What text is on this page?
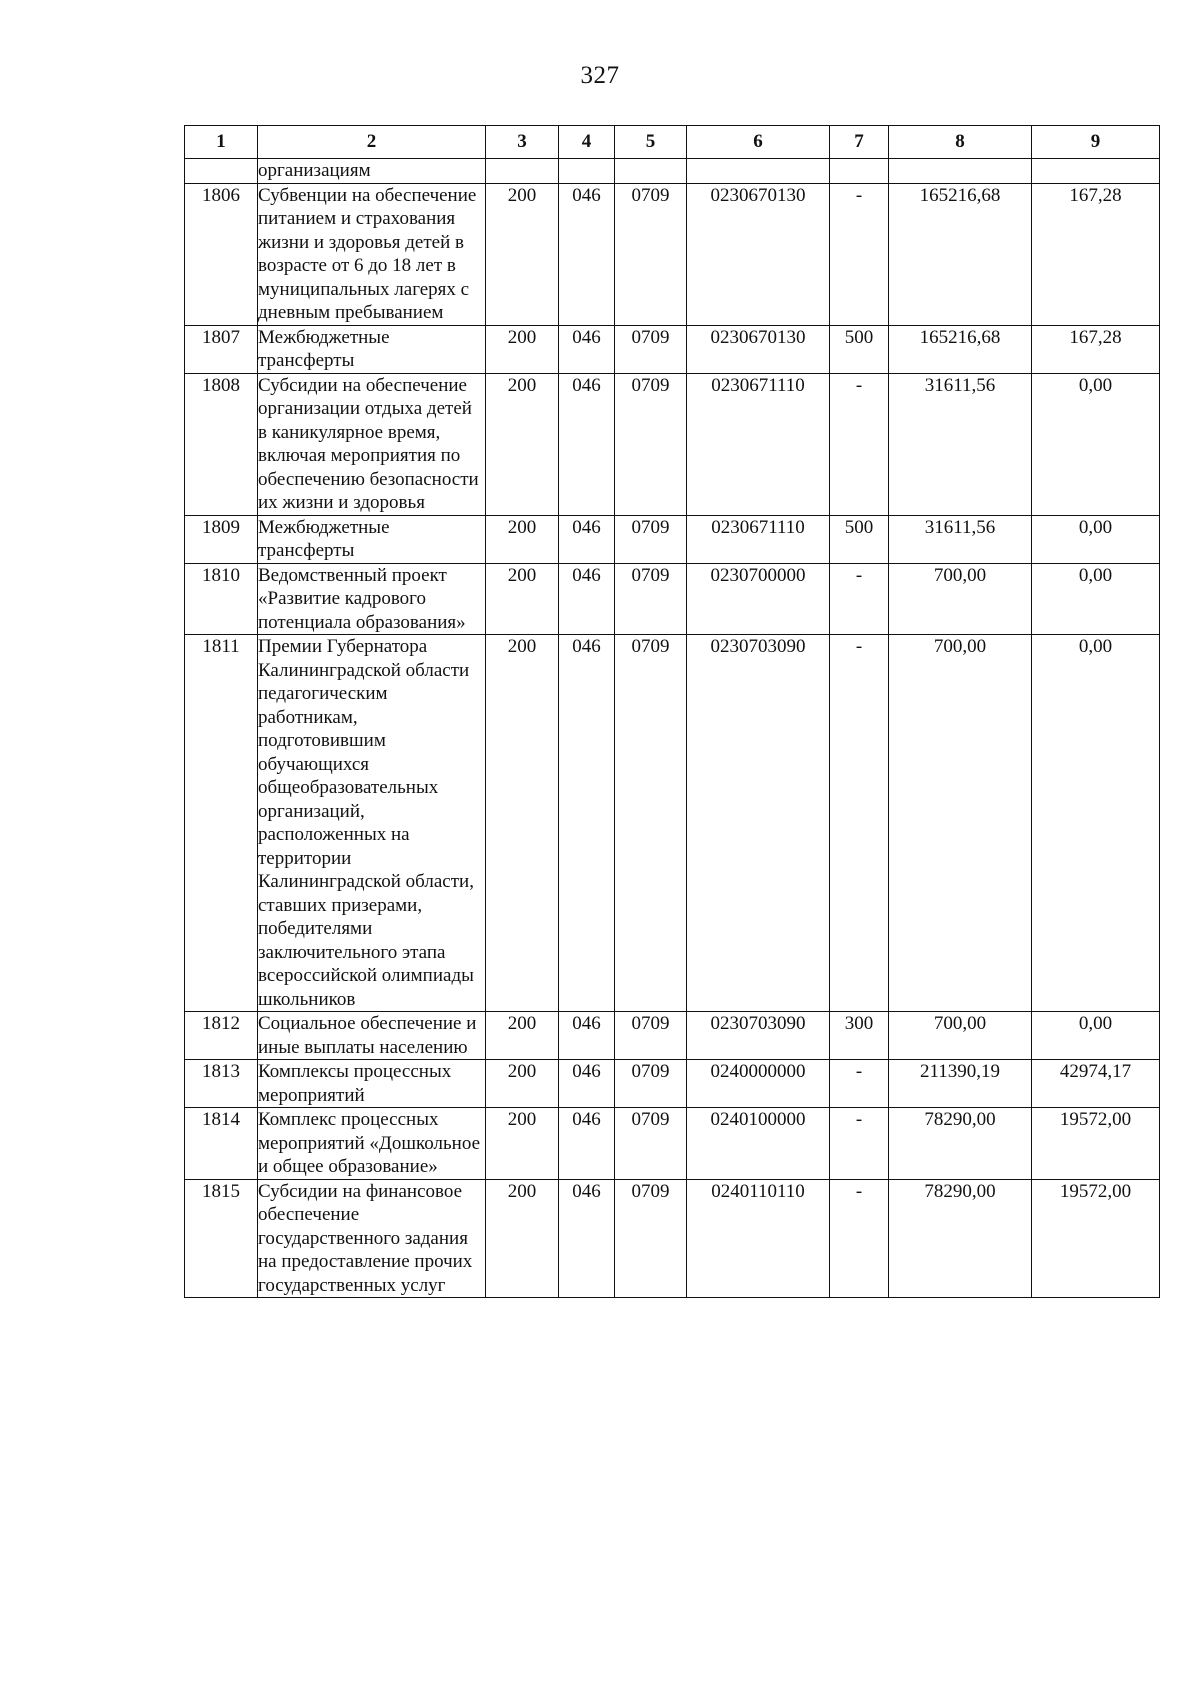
327
1	2	3	4	5	6	7	8	9
	организациям							
1806	Субвенции на обеспечение питанием и страхования жизни и здоровья детей в возрасте от 6 до 18 лет в муниципальных лагерях с дневным пребыванием	200	046	0709	0230670130	-	165216,68	167,28
1807	Межбюджетные трансферты	200	046	0709	0230670130	500	165216,68	167,28
1808	Субсидии на обеспечение организации отдыха детей в каникулярное время, включая мероприятия по обеспечению безопасности их жизни и здоровья	200	046	0709	0230671110	-	31611,56	0,00
1809	Межбюджетные трансферты	200	046	0709	0230671110	500	31611,56	0,00
1810	Ведомственный проект «Развитие кадрового потенциала образования»	200	046	0709	0230700000	-	700,00	0,00
1811	Премии Губернатора Калининградской области педагогическим работникам, подготовившим обучающихся общеобразовательных организаций, расположенных на территории Калининградской области, ставших призерами, победителями заключительного этапа всероссийской олимпиады школьников	200	046	0709	0230703090	-	700,00	0,00
1812	Социальное обеспечение и иные выплаты населению	200	046	0709	0230703090	300	700,00	0,00
1813	Комплексы процессных мероприятий	200	046	0709	0240000000	-	211390,19	42974,17
1814	Комплекс процессных мероприятий «Дошкольное и общее образование»	200	046	0709	0240100000	-	78290,00	19572,00
1815	Субсидии на финансовое обеспечение государственного задания на предоставление прочих государственных услуг	200	046	0709	0240110110	-	78290,00	19572,00
